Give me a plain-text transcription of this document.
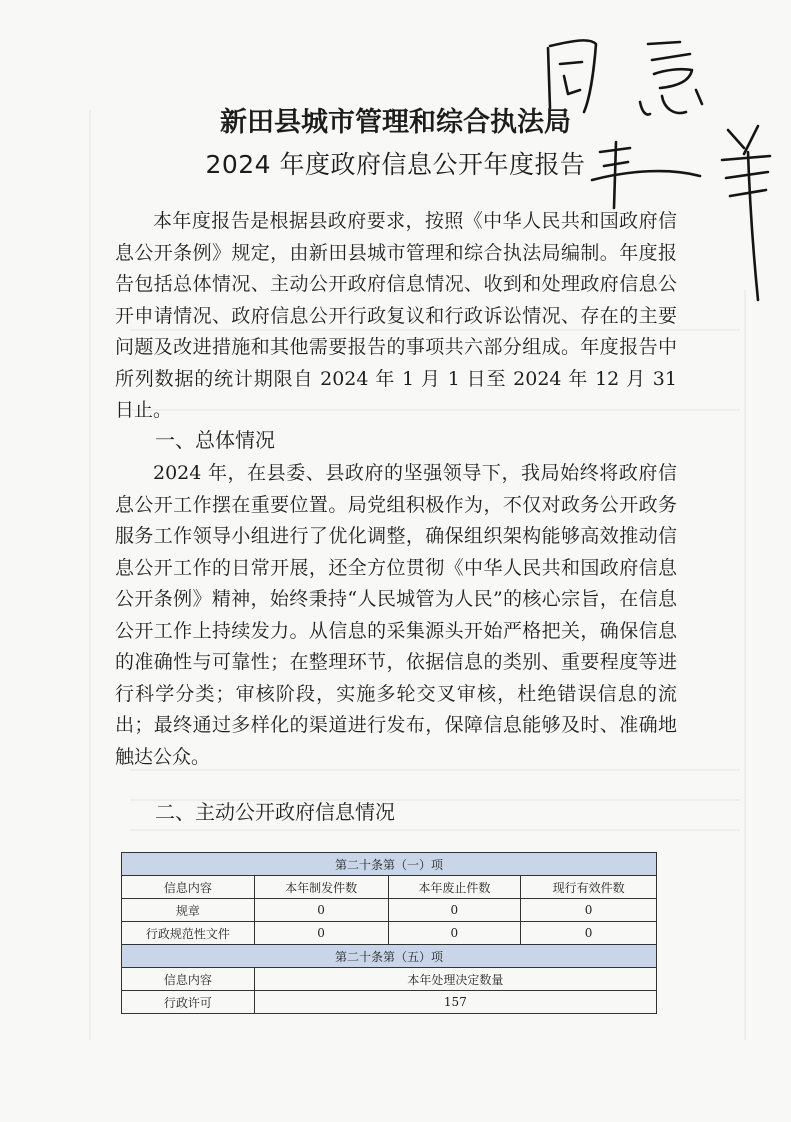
新田县城市管理和综合执法局
2024 年度政府信息公开年度报告

本年度报告是根据县政府要求，按照《中华人民共和国政府信息公开条例》规定，由新田县城市管理和综合执法局编制。年度报告包括总体情况、主动公开政府信息情况、收到和处理政府信息公开申请情况、政府信息公开行政复议和行政诉讼情况、存在的主要问题及改进措施和其他需要报告的事项共六部分组成。年度报告中所列数据的统计期限自 2024 年 1 月 1 日至 2024 年 12 月 31 日止。

一、总体情况

2024 年，在县委、县政府的坚强领导下，我局始终将政府信息公开工作摆在重要位置。局党组积极作为，不仅对政务公开政务服务工作领导小组进行了优化调整，确保组织架构能够高效推动信息公开工作的日常开展，还全方位贯彻《中华人民共和国政府信息公开条例》精神，始终秉持“人民城管为人民”的核心宗旨，在信息公开工作上持续发力。从信息的采集源头开始严格把关，确保信息的准确性与可靠性；在整理环节，依据信息的类别、重要程度等进行科学分类；审核阶段，实施多轮交叉审核，杜绝错误信息的流出；最终通过多样化的渠道进行发布，保障信息能够及时、准确地触达公众。

二、主动公开政府信息情况

第二十条第（一）项			
信息内容	本年制发件数	本年废止件数	现行有效件数
规章	0	0	0
行政规范性文件	0	0	0
第二十条第（五）项			
信息内容	本年处理决定数量		
行政许可	157		
